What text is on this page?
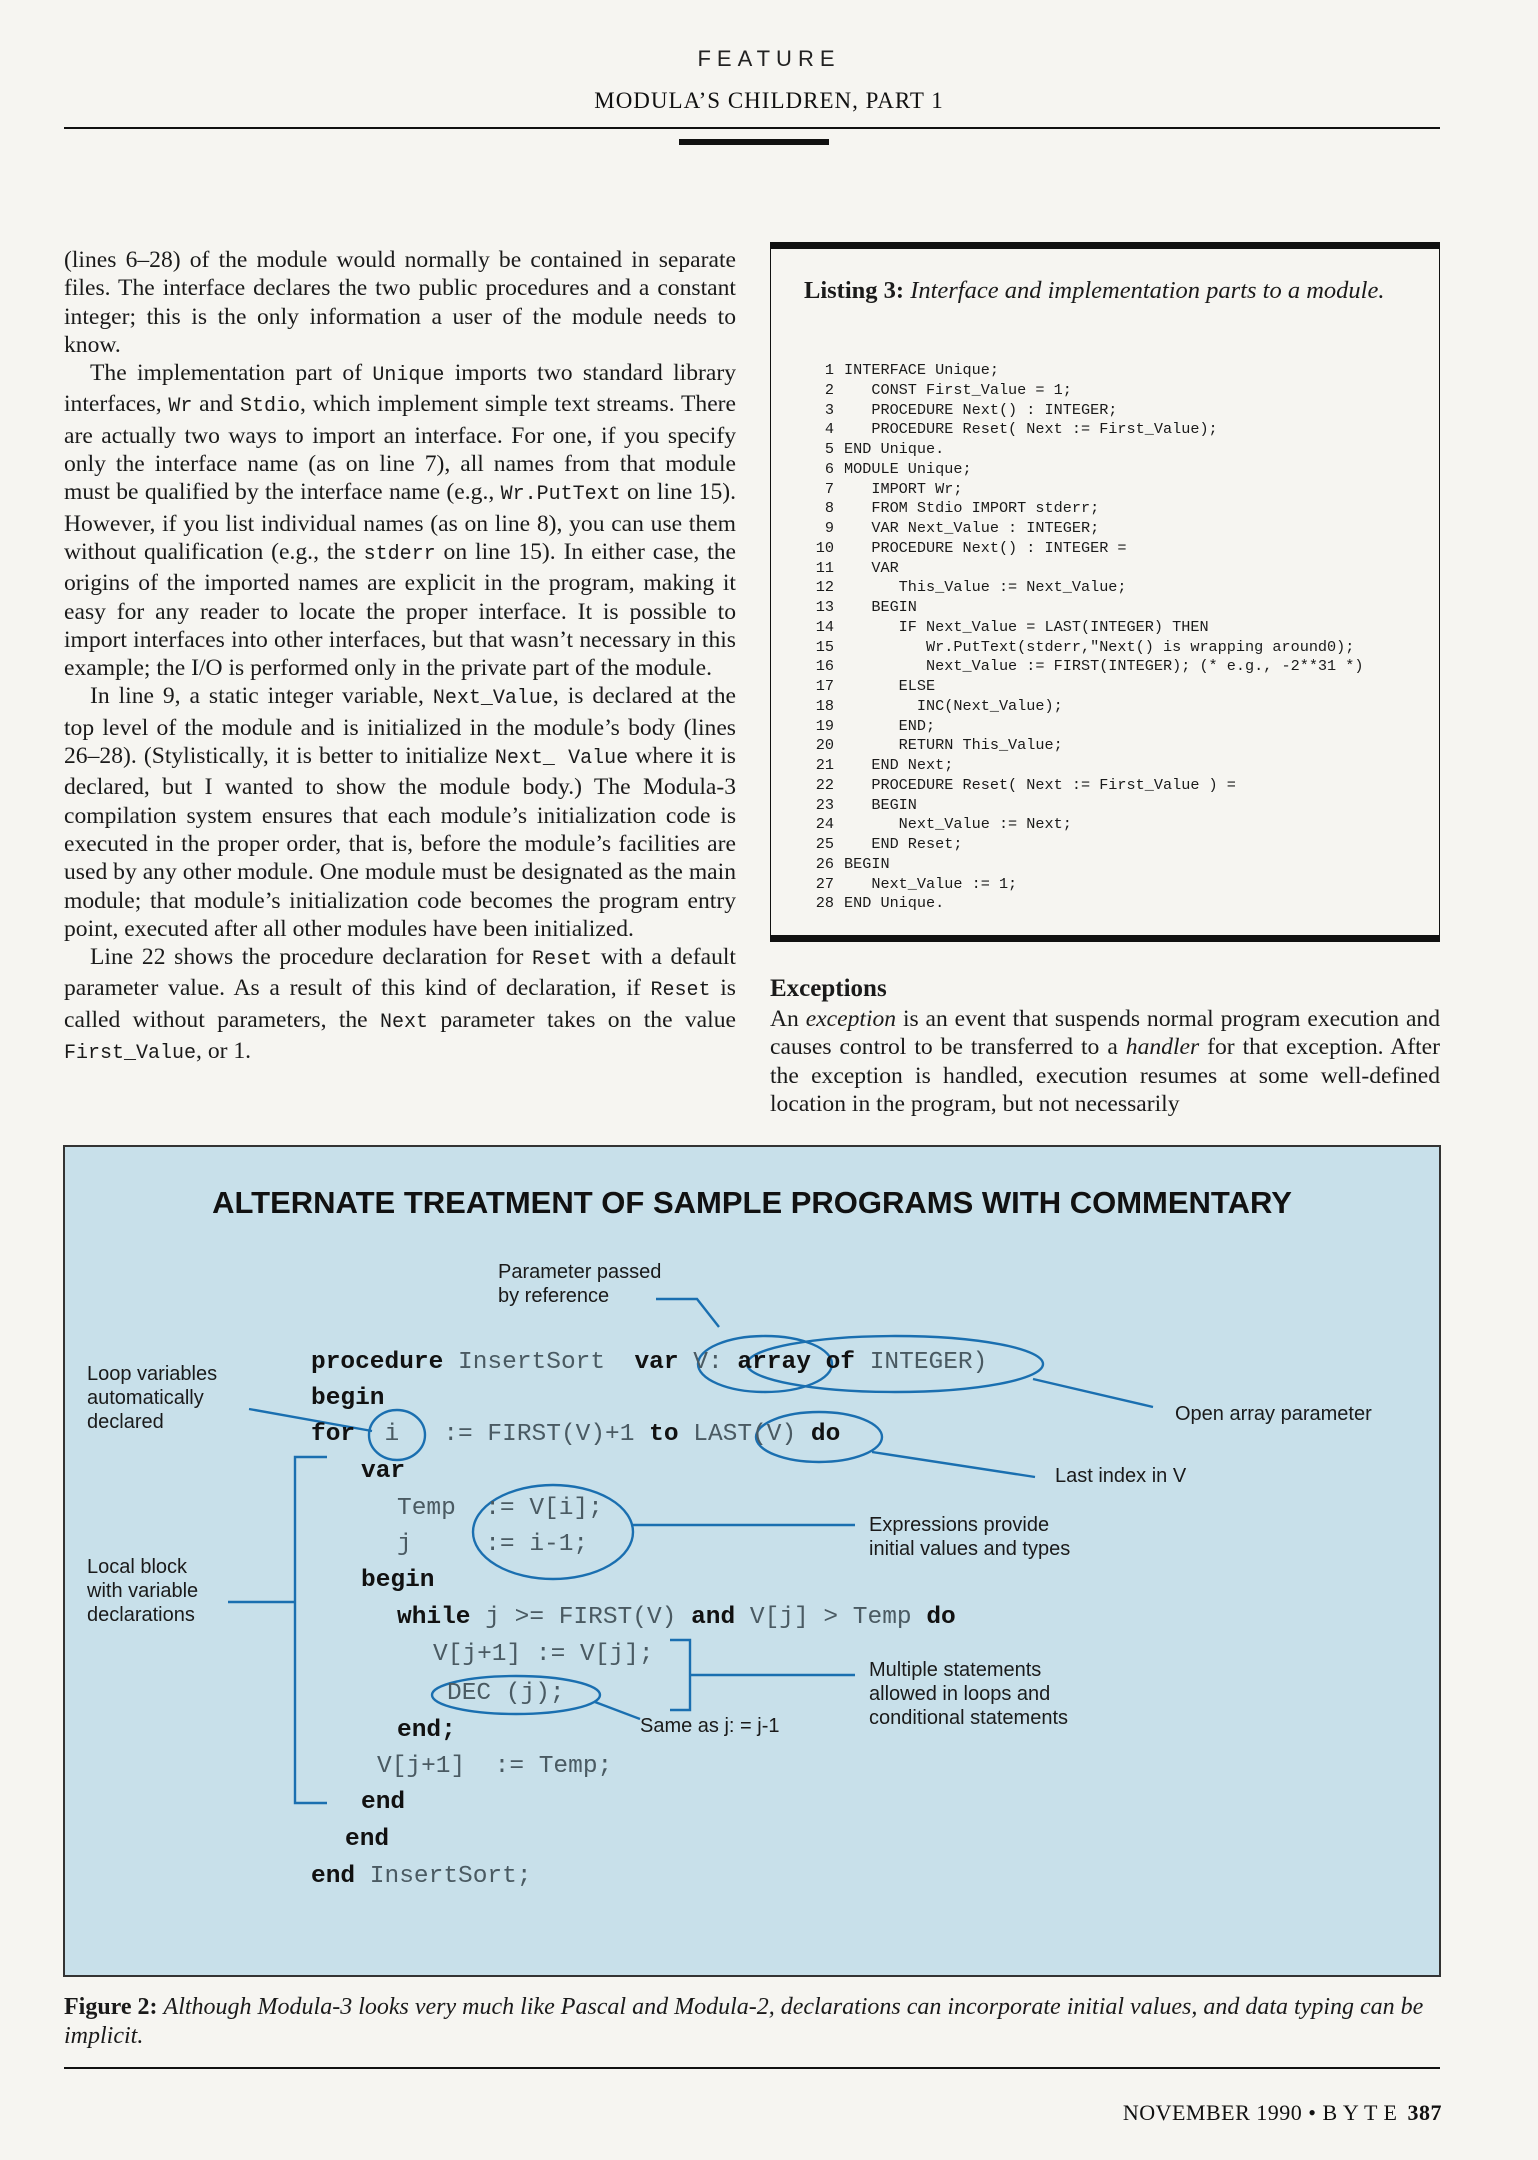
FEATURE
MODULA’S CHILDREN, PART 1

(lines 6–28) of the module would normally be contained in separate files. The interface declares the two public procedures and a constant integer; this is the only information a user of the module needs to know.

The implementation part of Unique imports two standard library interfaces, Wr and Stdio, which implement simple text streams. There are actually two ways to import an interface. For one, if you specify only the interface name (as on line 7), all names from that module must be qualified by the interface name (e.g., Wr.PutText on line 15). However, if you list individual names (as on line 8), you can use them without qualification (e.g., the stderr on line 15). In either case, the origins of the imported names are explicit in the program, making it easy for any reader to locate the proper interface. It is possible to import interfaces into other interfaces, but that wasn’t necessary in this example; the I/O is performed only in the private part of the module.

In line 9, a static integer variable, Next_Value, is declared at the top level of the module and is initialized in the module’s body (lines 26–28). (Stylistically, it is better to initialize Next_ Value where it is declared, but I wanted to show the module body.) The Modula-3 compilation system ensures that each module’s initialization code is executed in the proper order, that is, before the module’s facilities are used by any other module. One module must be designated as the main module; that module’s initialization code becomes the program entry point, executed after all other modules have been initialized.

Line 22 shows the procedure declaration for Reset with a default parameter value. As a result of this kind of declaration, if Reset is called without parameters, the Next parameter takes on the value First_Value, or 1.

Listing 3: Interface and implementation parts to a module.
1 INTERFACE Unique;
2   CONST First_Value = 1;
3   PROCEDURE Next() : INTEGER;
4   PROCEDURE Reset( Next := First_Value);
5 END Unique.
6 MODULE Unique;
7   IMPORT Wr;
8   FROM Stdio IMPORT stderr;
9   VAR Next_Value : INTEGER;
10   PROCEDURE Next() : INTEGER =
11   VAR
12      This_Value := Next_Value;
13   BEGIN
14      IF Next_Value = LAST(INTEGER) THEN
15         Wr.PutText(stderr,"Next() is wrapping around0);
16         Next_Value := FIRST(INTEGER); (* e.g., -2**31 *)
17      ELSE
18        INC(Next_Value);
19      END;
20      RETURN This_Value;
21   END Next;
22   PROCEDURE Reset( Next := First_Value ) =
23   BEGIN
24      Next_Value := Next;
25   END Reset;
26 BEGIN
27   Next_Value := 1;
28 END Unique.
Exceptions

An exception is an event that suspends normal program execution and causes control to be transferred to a handler for that exception. After the exception is handled, execution resumes at some well-defined location in the program, but not necessarily

ALTERNATE TREATMENT OF SAMPLE PROGRAMS WITH COMMENTARY
Parameter passed
by reference
Loop variables
automatically
declared	Open array parameter
Last index in V
Expressions provide
initial values and types
Local block
with variable
declarations
Multiple statements
allowed in loops and
conditional statements
Same as j: = j-1
procedure InsertSort  var V: array of INTEGER)
begin
for i := FIRST(V)+1 to LAST(V) do
var
Temp := V[i];
j	:= i-1;
begin
while j >= FIRST(V) and V[j] > Temp do
V[j+1] := V[j];
DEC (j);
end;
V[j+1]  := Temp;
end
end
end InsertSort;
Figure 2: Although Modula-3 looks very much like Pascal and Modula-2, declarations can incorporate initial values, and data typing can be implicit.
NOVEMBER 1990 • B Y T E 387
